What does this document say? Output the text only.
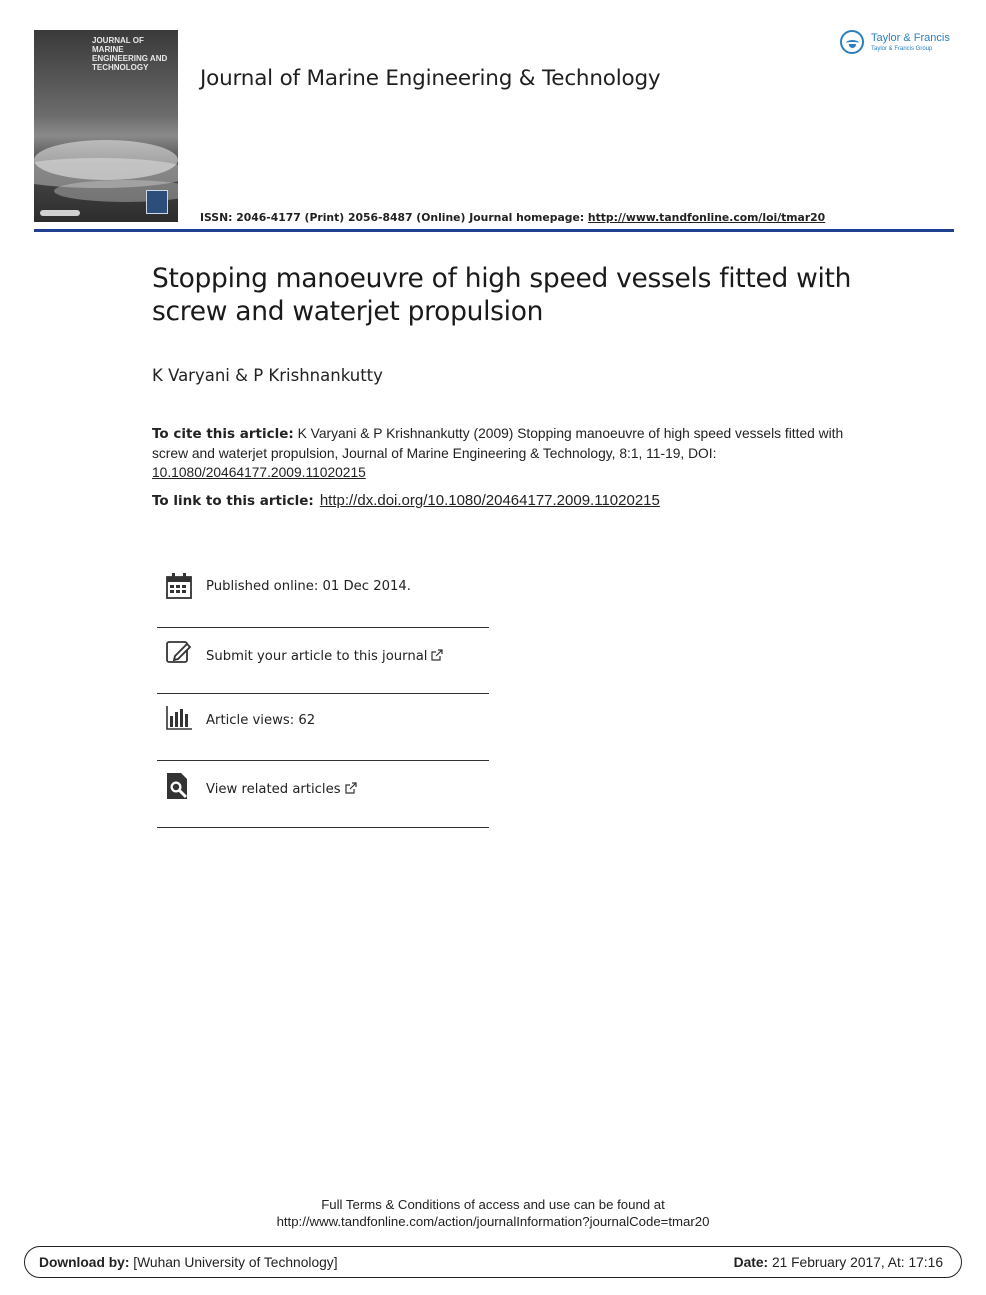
JOURNAL OF MARINE ENGINEERING AND TECHNOLOGY	Journal of Marine Engineering & Technology
Taylor & Francis
Taylor & Francis Group
ISSN: 2046-4177 (Print) 2056-8487 (Online) Journal homepage: http://www.tandfonline.com/loi/tmar20
Stopping manoeuvre of high speed vessels fitted with screw and waterjet propulsion
K Varyani & P Krishnankutty
To cite this article: K Varyani & P Krishnankutty (2009) Stopping manoeuvre of high speed vessels fitted with screw and waterjet propulsion, Journal of Marine Engineering & Technology, 8:1, 11-19, DOI: 10.1080/20464177.2009.11020215
To link to this article: http://dx.doi.org/10.1080/20464177.2009.11020215
Published online: 01 Dec 2014.
Submit your article to this journal
Article views: 62
View related articles
Full Terms & Conditions of access and use can be found at
http://www.tandfonline.com/action/journalInformation?journalCode=tmar20
Download by: [Wuhan University of Technology]	Date: 21 February 2017, At: 17:16
